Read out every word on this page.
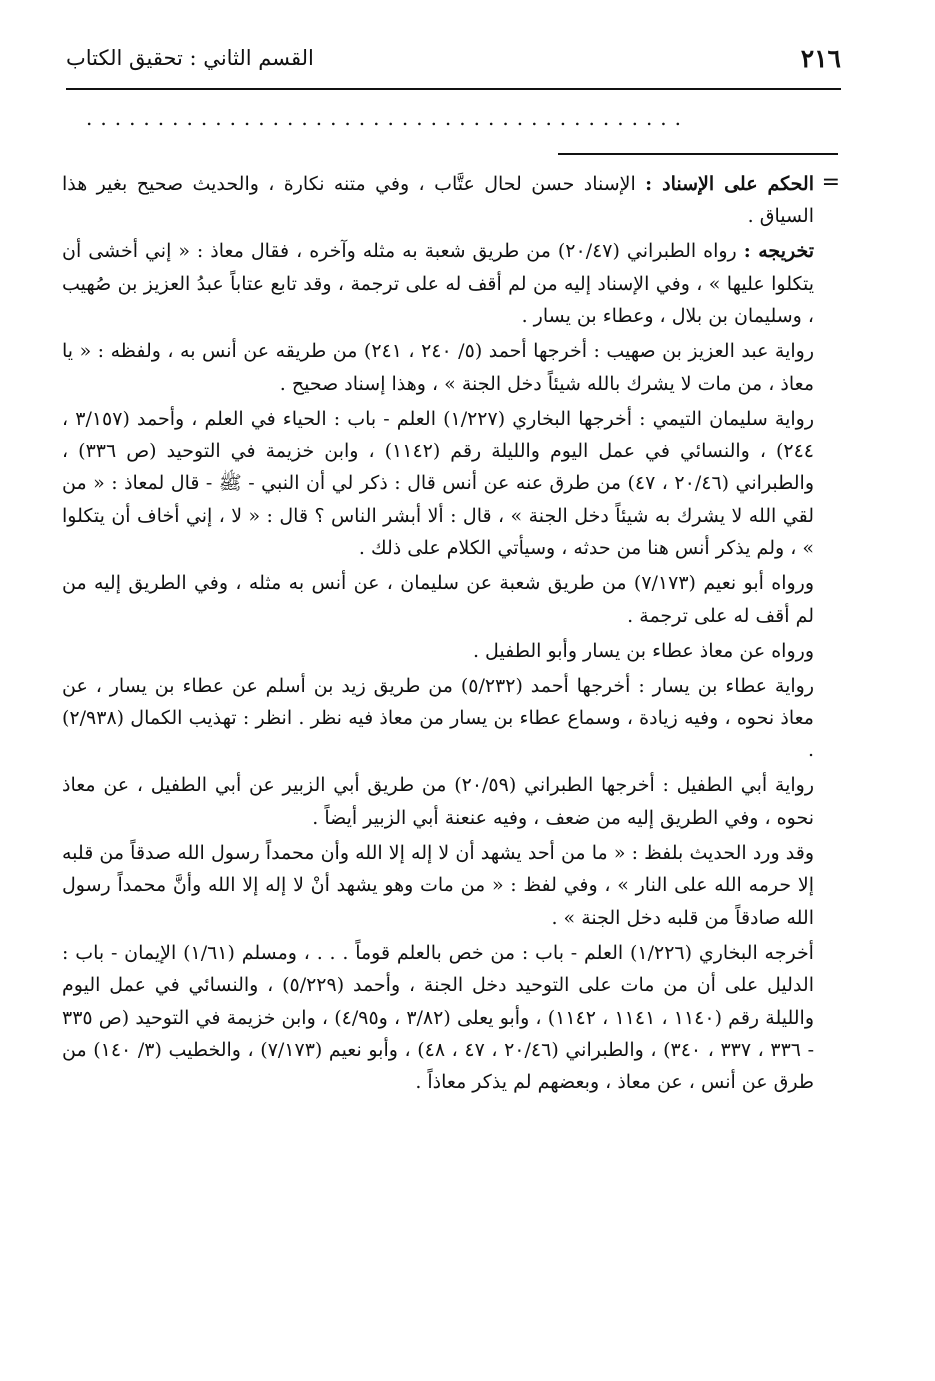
٢١٦
القسم الثاني : تحقيق الكتاب
..........................................
=

الحكم على الإسناد : الإسناد حسن لحال عتَّاب ، وفي متنه نكارة ، والحديث صحيح بغير هذا السياق .

تخريجه : رواه الطبراني (٢٠/٤٧) من طريق شعبة به مثله وآخره ، فقال معاذ : « إني أخشى أن يتكلوا عليها » ، وفي الإسناد إليه من لم أقف له على ترجمة ، وقد تابع عتاباً عبدُ العزيز بن صُهيب ، وسليمان بن بلال ، وعطاء بن يسار .

رواية عبد العزيز بن صهيب : أخرجها أحمد (٥/ ٢٤٠ ، ٢٤١) من طريقه عن أنس به ، ولفظه : « يا معاذ ، من مات لا يشرك بالله شيئاً دخل الجنة » ، وهذا إسناد صحيح .

رواية سليمان التيمي : أخرجها البخاري (١/٢٢٧) العلم - باب : الحياء في العلم ، وأحمد (٣/١٥٧ ، ٢٤٤) ، والنسائي في عمل اليوم والليلة رقم (١١٤٢) ، وابن خزيمة في التوحيد (ص ٣٣٦) ، والطبراني (٢٠/٤٦ ، ٤٧) من طرق عنه عن أنس قال : ذكر لي أن النبي - ﷺ - قال لمعاذ : « من لقي الله لا يشرك به شيئاً دخل الجنة » ، قال : ألا أبشر الناس ؟ قال : « لا ، إني أخاف أن يتكلوا » ، ولم يذكر أنس هنا من حدثه ، وسيأتي الكلام على ذلك .

ورواه أبو نعيم (٧/١٧٣) من طريق شعبة عن سليمان ، عن أنس به مثله ، وفي الطريق إليه من لم أقف له على ترجمة .

ورواه عن معاذ عطاء بن يسار وأبو الطفيل .

رواية عطاء بن يسار : أخرجها أحمد (٥/٢٣٢) من طريق زيد بن أسلم عن عطاء بن يسار ، عن معاذ نحوه ، وفيه زيادة ، وسماع عطاء بن يسار من معاذ فيه نظر . انظر : تهذيب الكمال (٢/٩٣٨) .

رواية أبي الطفيل : أخرجها الطبراني (٢٠/٥٩) من طريق أبي الزبير عن أبي الطفيل ، عن معاذ نحوه ، وفي الطريق إليه من ضعف ، وفيه عنعنة أبي الزبير أيضاً .

وقد ورد الحديث بلفظ : « ما من أحد يشهد أن لا إله إلا الله وأن محمداً رسول الله صدقاً من قلبه إلا حرمه الله على النار » ، وفي لفظ : « من مات وهو يشهد أنْ لا إله إلا الله وأنَّ محمداً رسول الله صادقاً من قلبه دخل الجنة » .

أخرجه البخاري (١/٢٢٦) العلم - باب : من خص بالعلم قوماً . . . ، ومسلم (١/٦١) الإيمان - باب : الدليل على أن من مات على التوحيد دخل الجنة ، وأحمد (٥/٢٢٩) ، والنسائي في عمل اليوم والليلة رقم (١١٤٠ ، ١١٤١ ، ١١٤٢) ، وأبو يعلى (٣/٨٢ ، و٤/٩٥) ، وابن خزيمة في التوحيد (ص ٣٣٥ - ٣٣٦ ، ٣٣٧ ، ٣٤٠) ، والطبراني (٢٠/٤٦ ، ٤٧ ، ٤٨) ، وأبو نعيم (٧/١٧٣) ، والخطيب (٣/ ١٤٠) من طرق عن أنس ، عن معاذ ، وبعضهم لم يذكر معاذاً .
